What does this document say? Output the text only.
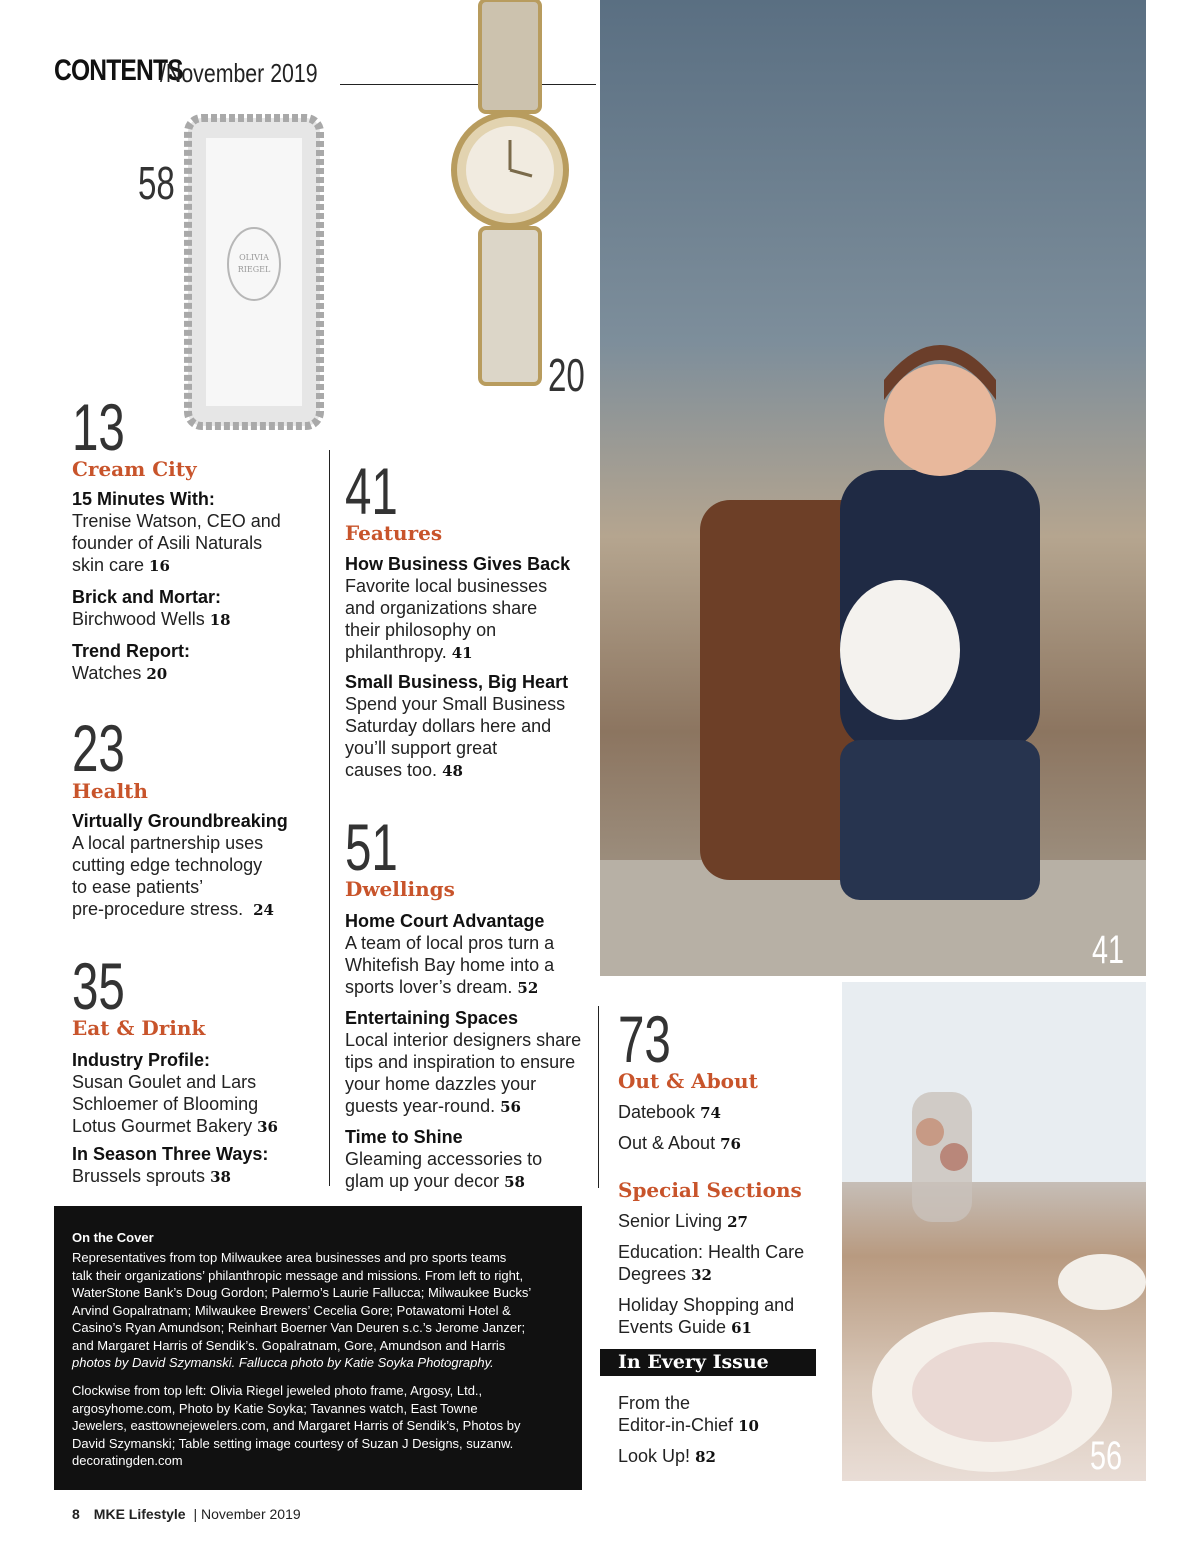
CONTENTS
/November 2019
58
OLIVIA
RIEGEL
20
13
Cream City
15 Minutes With:
Trenise Watson, CEO and
founder of Asili Naturals
skin care 16
Brick and Mortar:
Birchwood Wells 18
Trend Report:
Watches 20
23
Health
Virtually Groundbreaking
A local partnership uses
cutting edge technology
to ease patients’
pre-procedure stress. 24
35
Eat & Drink
Industry Profile:
Susan Goulet and Lars
Schloemer of Blooming
Lotus Gourmet Bakery 36
In Season Three Ways:
Brussels sprouts 38
41
Features
How Business Gives Back
Favorite local businesses
and organizations share
their philosophy on
philanthropy. 41
Small Business, Big Heart
Spend your Small Business
Saturday dollars here and
you’ll support great
causes too. 48
51
Dwellings
Home Court Advantage
A team of local pros turn a
Whitefish Bay home into a
sports lover’s dream. 52
Entertaining Spaces
Local interior designers share
tips and inspiration to ensure
your home dazzles your
guests year-round. 56
Time to Shine
Gleaming accessories to
glam up your decor 58
41
73
Out & About
Datebook 74
Out & About 76
Special Sections
Senior Living 27
Education: Health Care
Degrees 32
Holiday Shopping and
Events Guide 61
In Every Issue
From the
Editor-in-Chief 10
Look Up! 82	56
On the Cover
Representatives from top Milwaukee area businesses and pro sports teams
talk their organizations’ philanthropic message and missions. From left to right,
WaterStone Bank’s Doug Gordon; Palermo’s Laurie Fallucca; Milwaukee Bucks’
Arvind Gopalratnam; Milwaukee Brewers’ Cecelia Gore; Potawatomi Hotel &
Casino’s Ryan Amundson; Reinhart Boerner Van Deuren s.c.’s Jerome Janzer;
and Margaret Harris of Sendik’s. Gopalratnam, Gore, Amundson and Harris
photos by David Szymanski. Fallucca photo by Katie Soyka Photography.
Clockwise from top left: Olivia Riegel jeweled photo frame, Argosy, Ltd.,
argosyhome.com, Photo by Katie Soyka; Tavannes watch, East Towne
Jewelers, easttownejewelers.com, and Margaret Harris of Sendik’s, Photos by
David Szymanski; Table setting image courtesy of Suzan J Designs, suzanw.
decoratingden.com
8 MKE Lifestyle | November 2019
